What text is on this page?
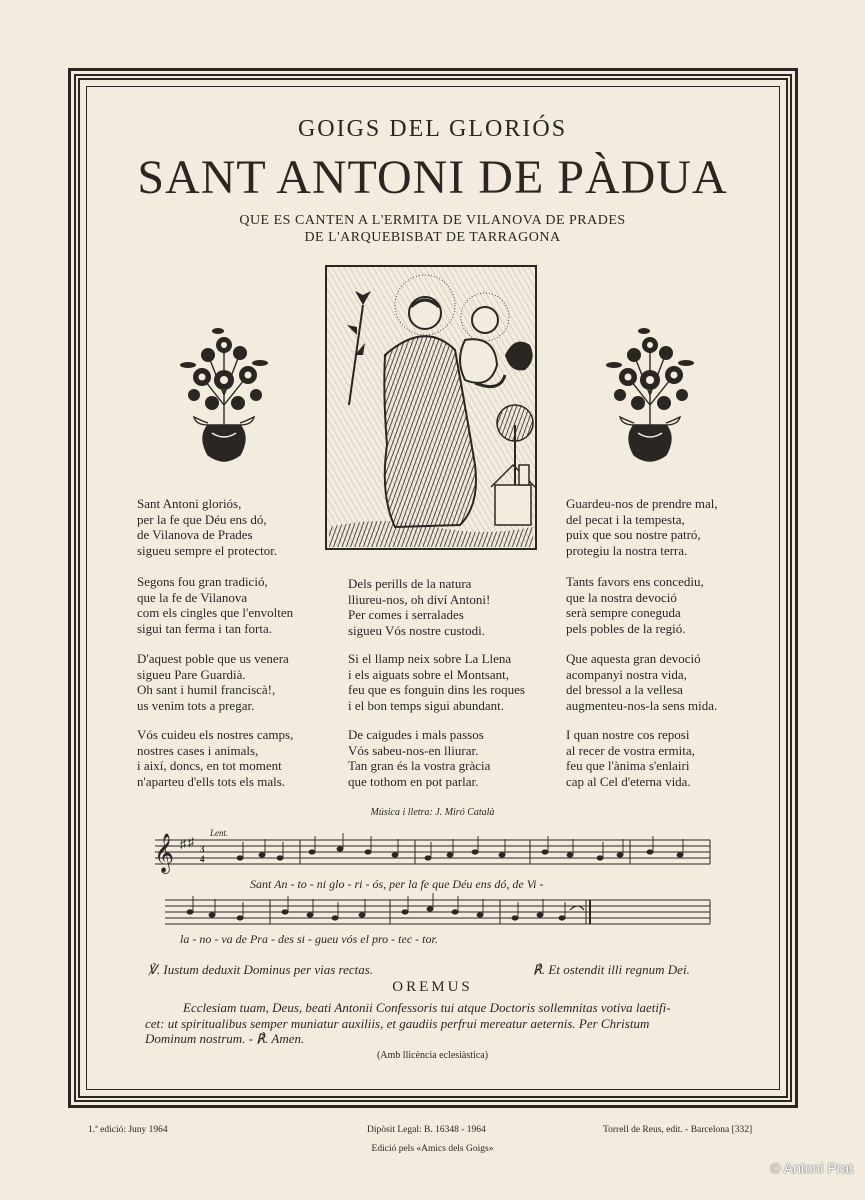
GOIGS DEL GLORIÓS
SANT ANTONI DE PÀDUA
QUE ES CANTEN A L'ERMITA DE VILANOVA DE PRADES
DE L'ARQUEBISBAT DE TARRAGONA
Sant Antoni gloriós,
per la fe que Déu ens dó,
de Vilanova de Prades
sigueu sempre el protector.
Guardeu-nos de prendre mal,
del pecat i la tempesta,
puix que sou nostre patró,
protegiu la nostra terra.
Segons fou gran tradició,
que la fe de Vilanova
com els cingles que l'envolten
sigui tan ferma i tan forta.
Dels perills de la natura
lliureu-nos, oh diví Antoni!
Per comes i serralades
sigueu Vós nostre custodi.
Tants favors ens concediu,
que la nostra devoció
serà sempre coneguda
pels pobles de la regió.
D'aquest poble que us venera
sigueu Pare Guardià.
Oh sant i humil franciscà!,
us venim tots a pregar.
Si el llamp neix sobre La Llena
i els aiguats sobre el Montsant,
feu que es fonguin dins les roques
i el bon temps sigui abundant.
Que aquesta gran devoció
acompanyi nostra vida,
del bressol a la vellesa
augmenteu-nos-la sens mida.
Vós cuideu els nostres camps,
nostres cases i animals,
i així, doncs, en tot moment
n'aparteu d'ells tots els mals.
De caigudes i mals passos
Vós sabeu-nos-en lliurar.
Tan gran és la vostra gràcia
que tothom en pot parlar.
I quan nostre cos reposi
al recer de vostra ermita,
feu que l'ànima s'enlairi
cap al Cel d'eterna vida.
Música i lletra: J. Miró Català
𝄞 ♯ ♯ 3
4
Lent.
Sant An - to - ni glo - ri - ós, per la fe que Déu ens dó, de Vi -
la - no - va de Pra - des si - gueu vós el pro - tec - tor.
℣. Iustum deduxit Dominus per vias rectas.	℟. Et ostendit illi regnum Dei.
OREMUS
Ecclesiam tuam, Deus, beati Antonii Confessoris tui atque Doctoris sollemnitas votiva laetifi-
cet: ut spiritualibus semper muniatur auxiliis, et gaudiis perfrui mereatur aeternis. Per Christum
Dominum nostrum. - ℟. Amen.
(Amb llicència eclesiàstica)
1.ª edició: Juny 1964	Dipòsit Legal: B. 16348 - 1964	Torrell de Reus, edit. - Barcelona [332]
Edició pels «Amics dels Goigs»
© Antoni Prat
